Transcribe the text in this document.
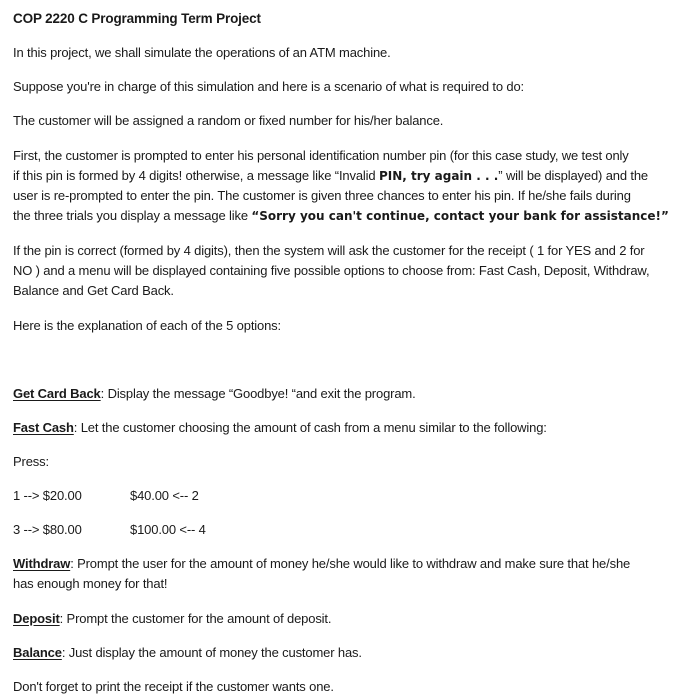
COP 2220 C Programming Term Project
In this project, we shall simulate the operations of an ATM machine.
Suppose you're in charge of this simulation and here is a scenario of what is required to do:
The customer will be assigned a random or fixed number for his/her balance.
First, the customer is prompted to enter his personal identification number pin (for this case study, we test only
if this pin is formed by 4 digits! otherwise, a message like “Invalid PIN, try again . . .” will be displayed) and the
user is re-prompted to enter the pin. The customer is given three chances to enter his pin. If he/she fails during
the three trials you display a message like “Sorry you can't continue, contact your bank for assistance!”
If the pin is correct (formed by 4 digits), then the system will ask the customer for the receipt ( 1 for YES and 2 for
NO ) and a menu will be displayed containing five possible options to choose from: Fast Cash, Deposit, Withdraw,
Balance and Get Card Back.
Here is the explanation of each of the 5 options:
Get Card Back: Display the message “Goodbye! “and exit the program.
Fast Cash: Let the customer choosing the amount of cash from a menu similar to the following:
Press:
1 --> $20.00	$40.00 <-- 2
3 --> $80.00	$100.00 <-- 4
Withdraw: Prompt the user for the amount of money he/she would like to withdraw and make sure that he/she
has enough money for that!
Deposit: Prompt the customer for the amount of deposit.
Balance: Just display the amount of money the customer has.
Don't forget to print the receipt if the customer wants one.
